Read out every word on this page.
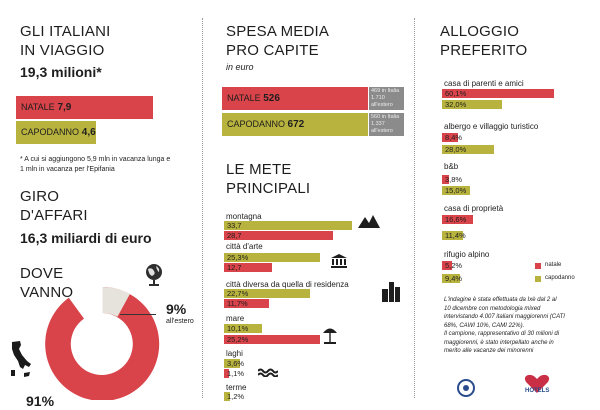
GLI ITALIANI
IN VIAGGIO
19,3 milioni*
NATALE 7,9
CAPODANNO 4,6
* A cui si aggiungono 5,9 mln in vacanza lunga e
1 mln in vacanza per l'Epifania
GIRO
D'AFFARI
16,3 miliardi di euro
DOVE
VANNO
9%
all'estero
91%
SPESA MEDIA
PRO CAPITE
in euro
NATALE 526
469 in Italia
1.710 all'estero
CAPODANNO 672
560 in Italia
1.337 all'estero
LE METE
PRINCIPALI
montagna
33,7
28,7
città d'arte
25,3%
12,7
città diversa da quella di residenza
22,7%
11,7%
mare
10,1%
25,2%
laghi
3,6%
1,1%
terme
1,2%
ALLOGGIO
PREFERITO
casa di parenti e amici
60,1%
32,0%
albergo e villaggio turistico
8,4%
28,0%
b&b
3,8%
15,0%
casa di proprietà
16,6%
11,4%
rifugio alpino
5,2%
9,4%
natale
capodanno
L'indagine è stata effettuata da Ixè dal 2 al
10 dicembre con metodologia mixed
intervistando 4.007 italiani maggiorenni (CATI
68%, CAWI 10%, CAMI 22%).
Il campione, rappresentativo di 30 milioni di
maggiorenni, è stato interpellato anche in
merito alle vacanze dei minorenni
HOTELS
